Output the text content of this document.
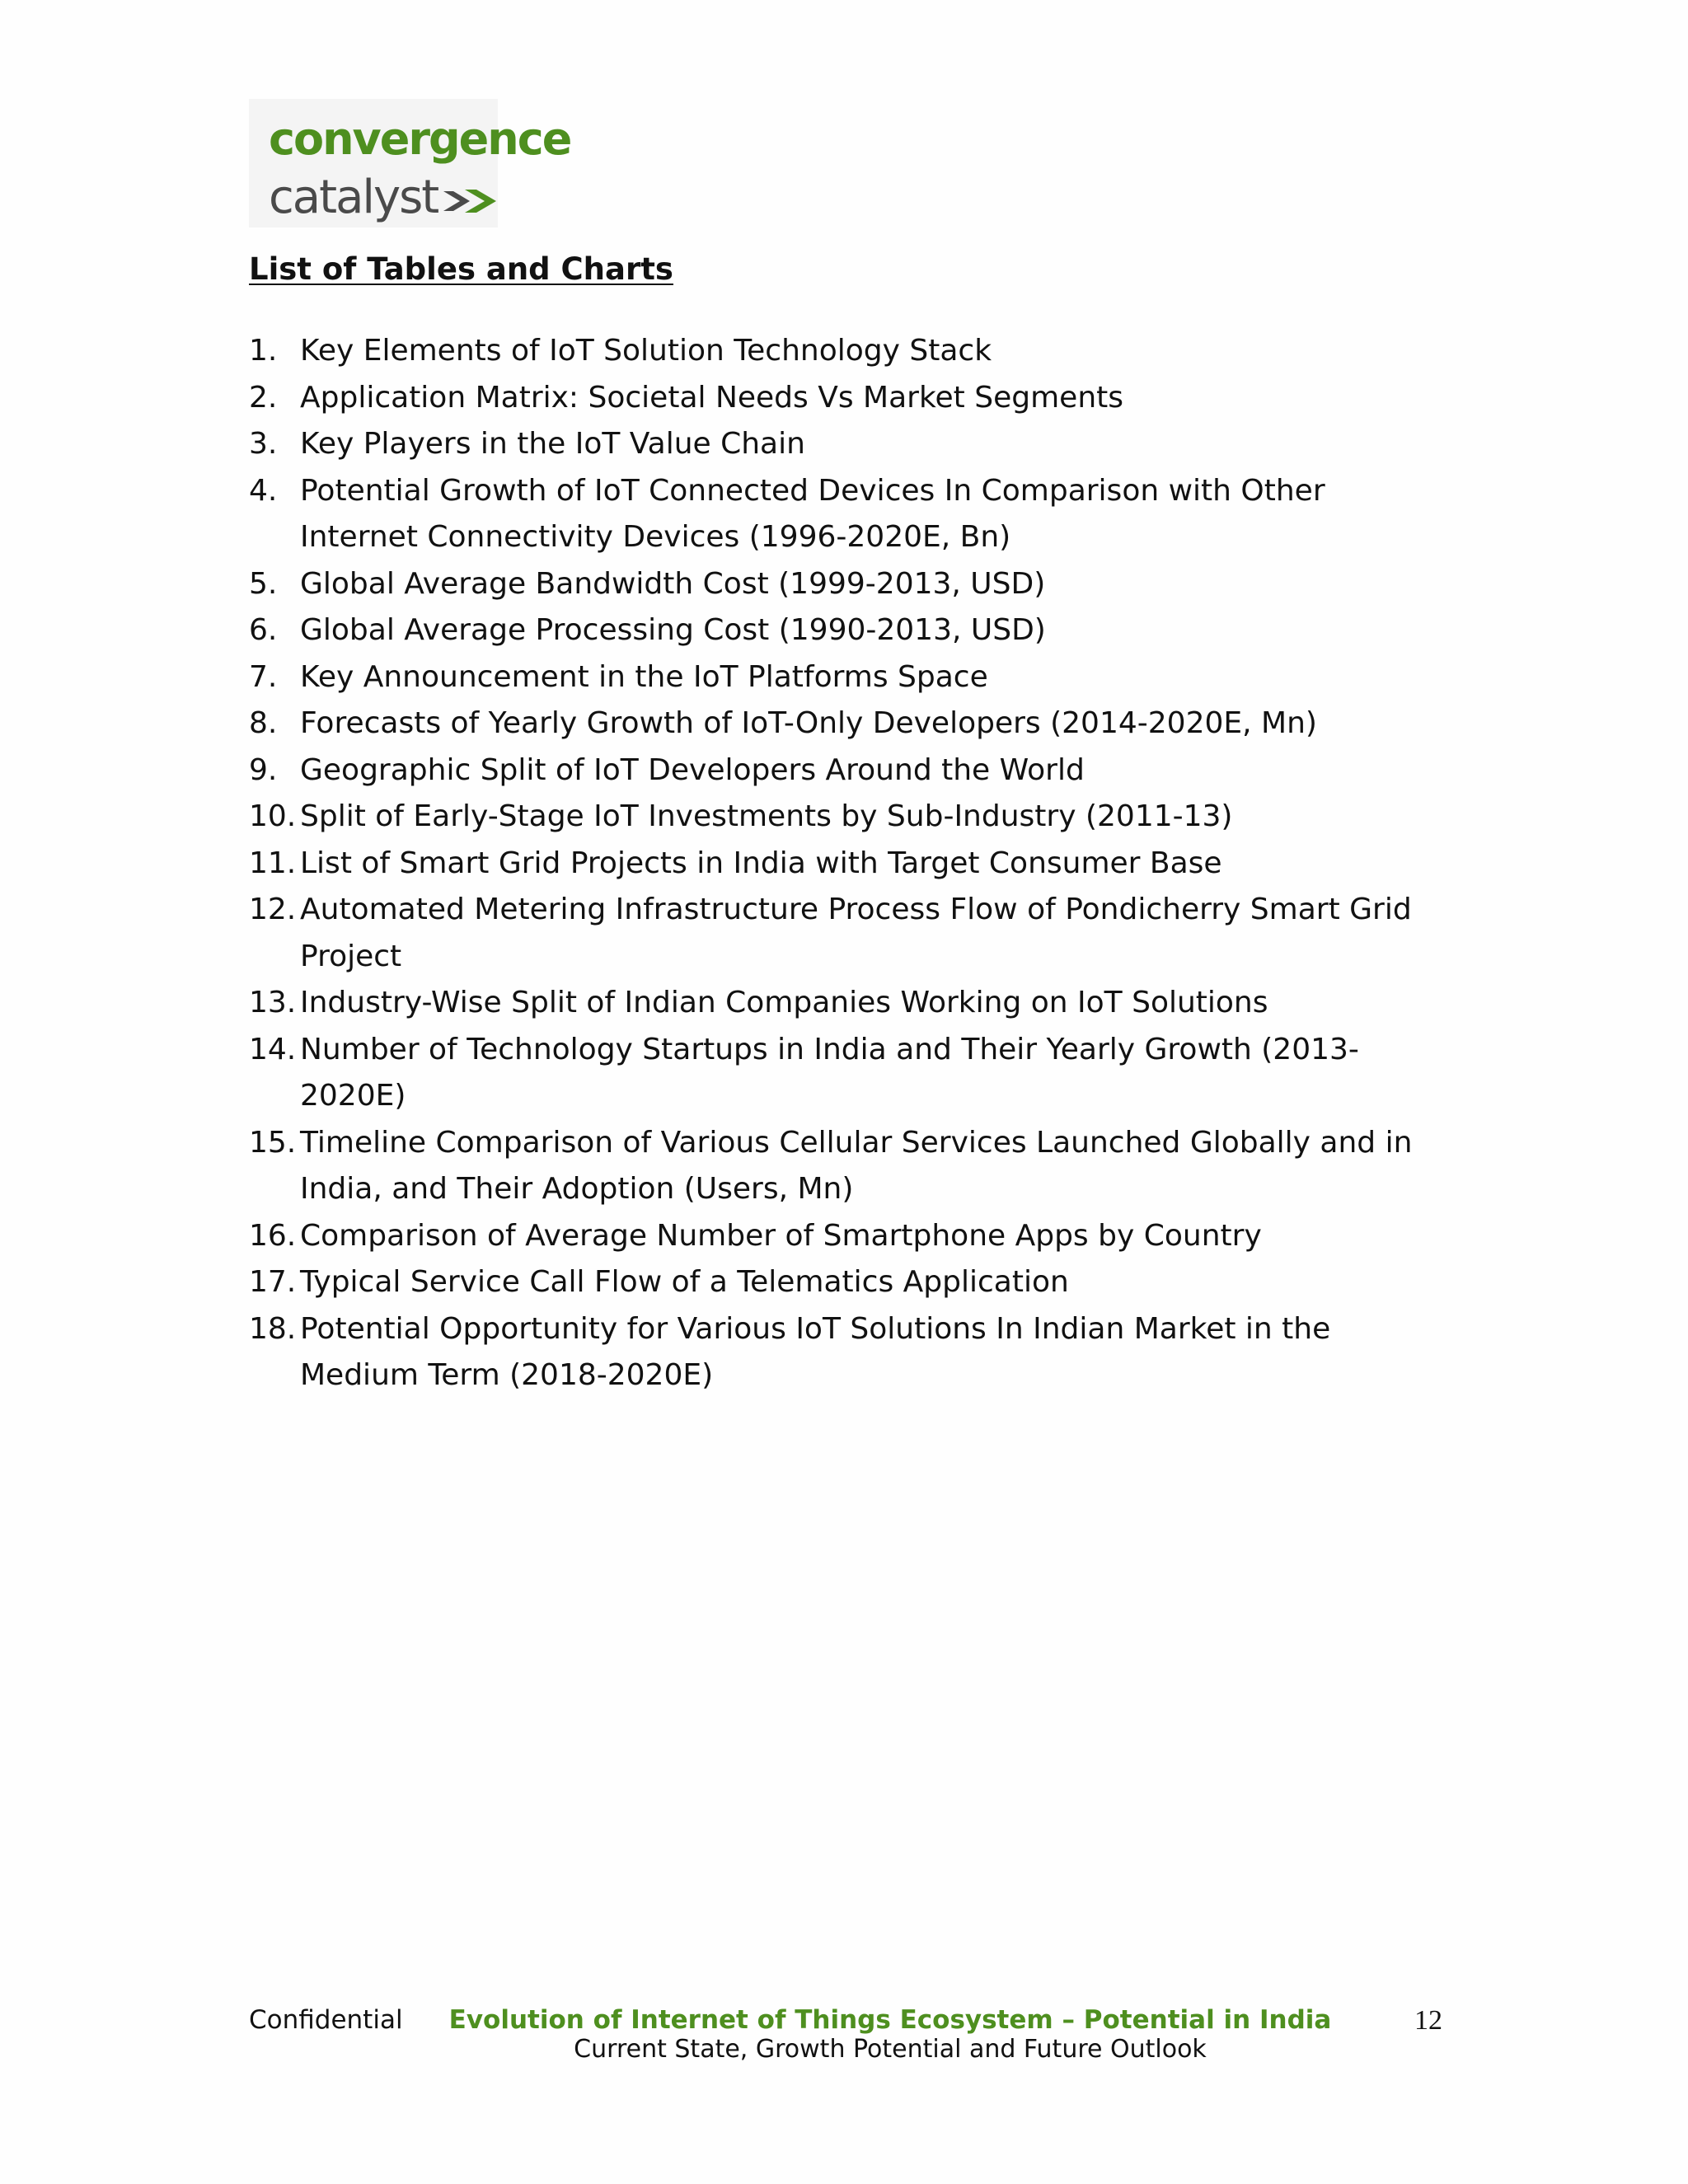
convergence
catalyst
List of Tables and Charts
1. Key Elements of IoT Solution Technology Stack
2. Application Matrix: Societal Needs Vs Market Segments
3. Key Players in the IoT Value Chain
4. Potential Growth of IoT Connected Devices In Comparison with Other Internet Connectivity Devices (1996-2020E, Bn)
5. Global Average Bandwidth Cost (1999-2013, USD)
6. Global Average Processing Cost (1990-2013, USD)
7. Key Announcement in the IoT Platforms Space
8. Forecasts of Yearly Growth of IoT-Only Developers (2014-2020E, Mn)
9. Geographic Split of IoT Developers Around the World
10. Split of Early-Stage IoT Investments by Sub-Industry (2011-13)
11. List of Smart Grid Projects in India with Target Consumer Base
12. Automated Metering Infrastructure Process Flow of Pondicherry Smart Grid Project
13. Industry-Wise Split of Indian Companies Working on IoT Solutions
14. Number of Technology Startups in India and Their Yearly Growth (2013-2020E)
15. Timeline Comparison of Various Cellular Services Launched Globally and in India, and Their Adoption (Users, Mn)
16. Comparison of Average Number of Smartphone Apps by Country
17. Typical Service Call Flow of a Telematics Application
18. Potential Opportunity for Various IoT Solutions In Indian Market in the Medium Term (2018-2020E)
Confidential	Evolution of Internet of Things Ecosystem – Potential in India
Current State, Growth Potential and Future Outlook
12
